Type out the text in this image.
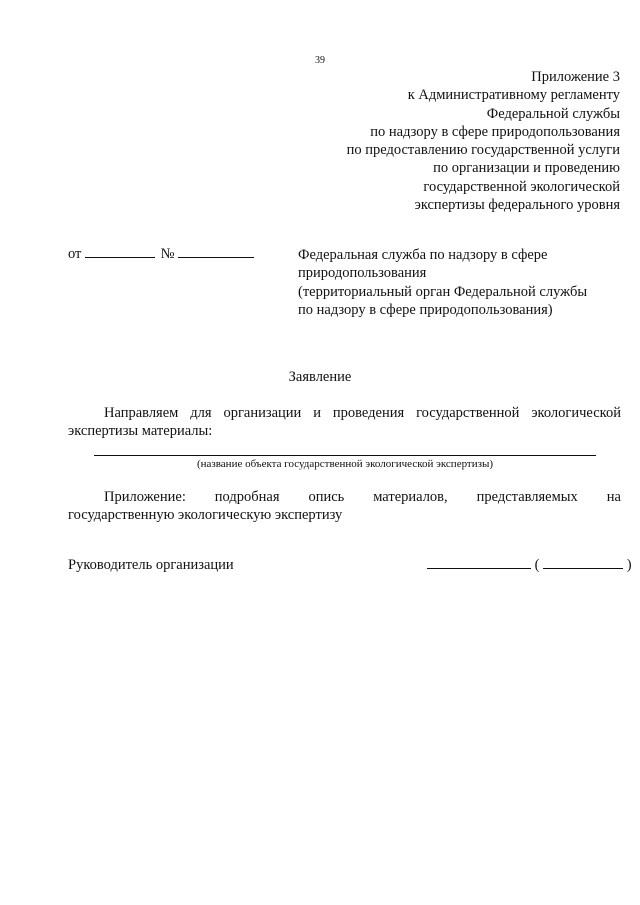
39
Приложение 3
к Административному регламенту
Федеральной службы
по надзору в сфере природопользования
по предоставлению государственной услуги
по организации и проведению
государственной экологической
экспертизы федерального уровня
от	№	Федеральная служба по надзору в сфере
природопользования
(территориальный орган Федеральной службы
по надзору в сфере природопользования)
Заявление
Направляем для организации и проведения государственной экологической
экспертизы материалы:
(название объекта государственной экологической экспертизы)
Приложение: подробная опись материалов, представляемых на
государственную экологическую экспертизу
Руководитель организации	(	)
